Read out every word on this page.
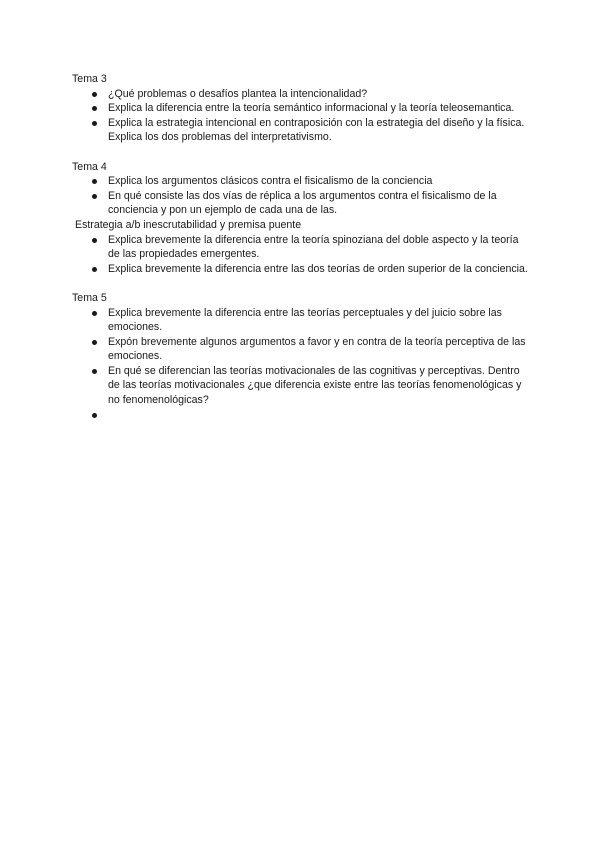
Tema 3

¿Qué problemas o desafíos plantea la intencionalidad?
Explica la diferencia entre la teoría semántico informacional y la teoría teleosemantica.
Explica la estrategia intencional en contraposición con la estrategia del diseño y la física. Explica los dos problemas del interpretativismo.

Tema 4

Explica los argumentos clásicos contra el fisicalismo de la conciencia
En qué consiste las dos vías de réplica a los argumentos contra el fisicalismo de la conciencia y pon un ejemplo de cada una de las.

Estrategia a/b inescrutabilidad y premisa puente

Explica brevemente la diferencia entre la teoría spinoziana del doble aspecto y la teoría de las propiedades emergentes.
Explica brevemente la diferencia entre las dos teorías de orden superior de la conciencia.

Tema 5

Explica brevemente la diferencia entre las teorías perceptuales y del juicio sobre las emociones.
Expón brevemente algunos argumentos a favor y en contra de la teoría perceptiva de las emociones.
En qué se diferencian las teorías motivacionales de las cognitivas y perceptivas. Dentro de las teorías motivacionales ¿que diferencia existe entre las teorías fenomenológicas y no fenomenológicas?
